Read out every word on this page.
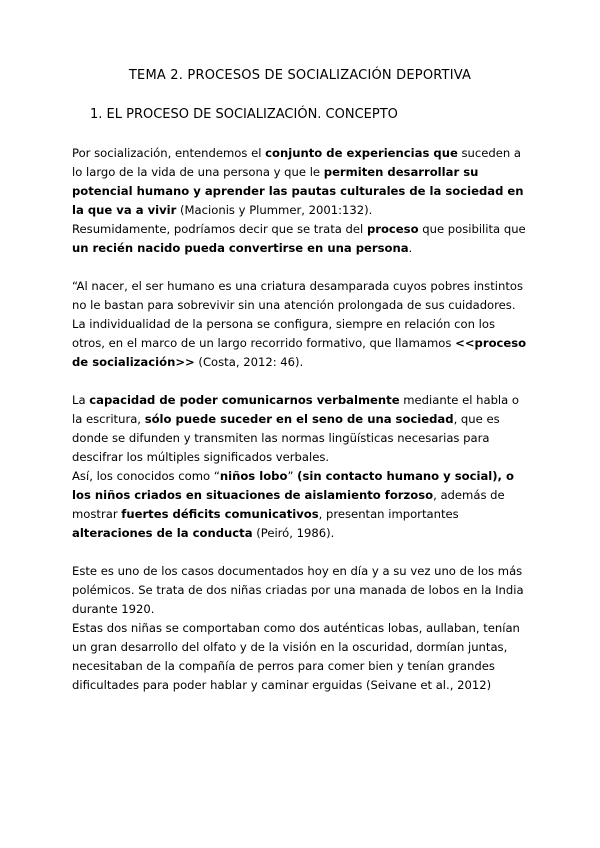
TEMA 2. PROCESOS DE SOCIALIZACIÓN DEPORTIVA
1. EL PROCESO DE SOCIALIZACIÓN. CONCEPTO

Por socialización, entendemos el conjunto de experiencias que suceden a lo largo de la vida de una persona y que le permiten desarrollar su potencial humano y aprender las pautas culturales de la sociedad en la que va a vivir (Macionis y Plummer, 2001:132).

Resumidamente, podríamos decir que se trata del proceso que posibilita que un recién nacido pueda convertirse en una persona.

“Al nacer, el ser humano es una criatura desamparada cuyos pobres instintos no le bastan para sobrevivir sin una atención prolongada de sus cuidadores. La individualidad de la persona se configura, siempre en relación con los otros, en el marco de un largo recorrido formativo, que llamamos <<proceso de socialización>> (Costa, 2012: 46).

La capacidad de poder comunicarnos verbalmente mediante el habla o la escritura, sólo puede suceder en el seno de una sociedad, que es donde se difunden y transmiten las normas lingüísticas necesarias para descifrar los múltiples significados verbales.

Así, los conocidos como “niños lobo” (sin contacto humano y social), o los niños criados en situaciones de aislamiento forzoso, además de mostrar fuertes déficits comunicativos, presentan importantes alteraciones de la conducta (Peiró, 1986).

Este es uno de los casos documentados hoy en día y a su vez uno de los más polémicos. Se trata de dos niñas criadas por una manada de lobos en la India durante 1920.

Estas dos niñas se comportaban como dos auténticas lobas, aullaban, tenían un gran desarrollo del olfato y de la visión en la oscuridad, dormían juntas, necesitaban de la compañía de perros para comer bien y tenían grandes dificultades para poder hablar y caminar erguidas (Seivane et al., 2012)
